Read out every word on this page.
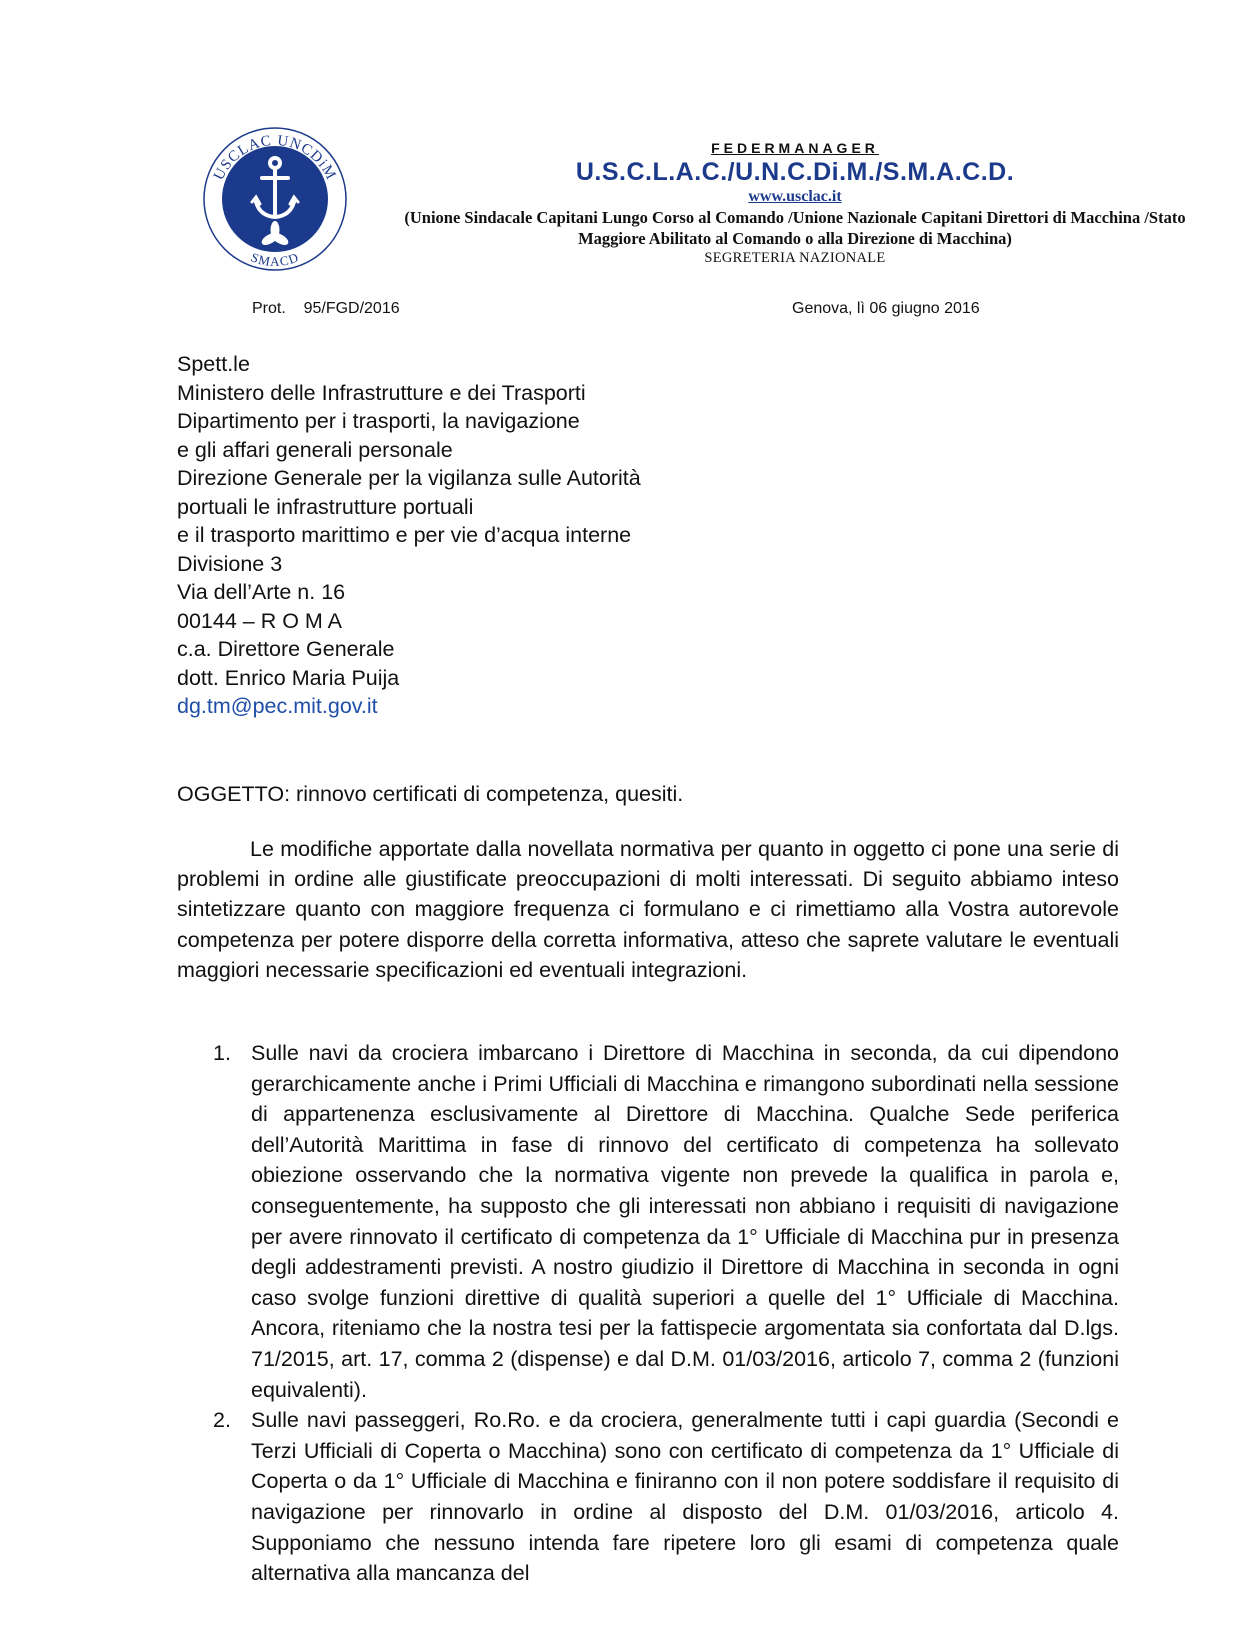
USCLAC UNCDiM
SMACD
FEDERMANAGER
U.S.C.L.A.C./U.N.C.Di.M./S.M.A.C.D.
www.usclac.it
(Unione Sindacale Capitani Lungo Corso al Comando /Unione Nazionale Capitani Direttori di Macchina /Stato Maggiore Abilitato al Comando o alla Direzione di Macchina)
SEGRETERIA NAZIONALE
Prot.    95/FGD/2016	Genova, lì 06 giugno 2016
Spett.le
Ministero delle Infrastrutture e dei Trasporti
Dipartimento per i trasporti, la navigazione
e gli affari generali personale
Direzione Generale per la vigilanza sulle Autorità
portuali le infrastrutture portuali
e il trasporto marittimo e per vie d’acqua interne
Divisione 3
Via dell’Arte n. 16
00144 – R O M A
c.a. Direttore Generale
dott. Enrico Maria Puija
dg.tm@pec.mit.gov.it
OGGETTO: rinnovo certificati di competenza, quesiti.

Le modifiche apportate dalla novellata normativa per quanto in oggetto ci pone una serie di problemi in ordine alle giustificate preoccupazioni di molti interessati. Di seguito abbiamo inteso sintetizzare quanto con maggiore frequenza ci formulano e ci rimettiamo alla Vostra autorevole competenza per potere disporre della corretta informativa, atteso che saprete valutare le eventuali maggiori necessarie specificazioni ed eventuali integrazioni.

1. Sulle navi da crociera imbarcano i Direttore di Macchina in seconda, da cui dipendono gerarchicamente anche i Primi Ufficiali di Macchina e rimangono subordinati nella sessione di appartenenza esclusivamente al Direttore di Macchina. Qualche Sede periferica dell’Autorità Marittima in fase di rinnovo del certificato di competenza ha sollevato obiezione osservando che la normativa vigente non prevede la qualifica in parola e, conseguentemente, ha supposto che gli interessati non abbiano i requisiti di navigazione per avere rinnovato il certificato di competenza da 1° Ufficiale di Macchina pur in presenza degli addestramenti previsti. A nostro giudizio il Direttore di Macchina in seconda in ogni caso svolge funzioni direttive di qualità superiori a quelle del 1° Ufficiale di Macchina. Ancora, riteniamo che la nostra tesi per la fattispecie argomentata sia confortata dal D.lgs. 71/2015, art. 17, comma 2 (dispense) e dal D.M. 01/03/2016, articolo 7, comma 2 (funzioni equivalenti).
2. Sulle navi passeggeri, Ro.Ro. e da crociera, generalmente tutti i capi guardia (Secondi e Terzi Ufficiali di Coperta o Macchina) sono con certificato di competenza da 1° Ufficiale di Coperta o da 1° Ufficiale di Macchina e finiranno con il non potere soddisfare il requisito di navigazione per rinnovarlo in ordine al disposto del D.M. 01/03/2016, articolo 4. Supponiamo che nessuno intenda fare ripetere loro gli esami di competenza quale alternativa alla mancanza del
